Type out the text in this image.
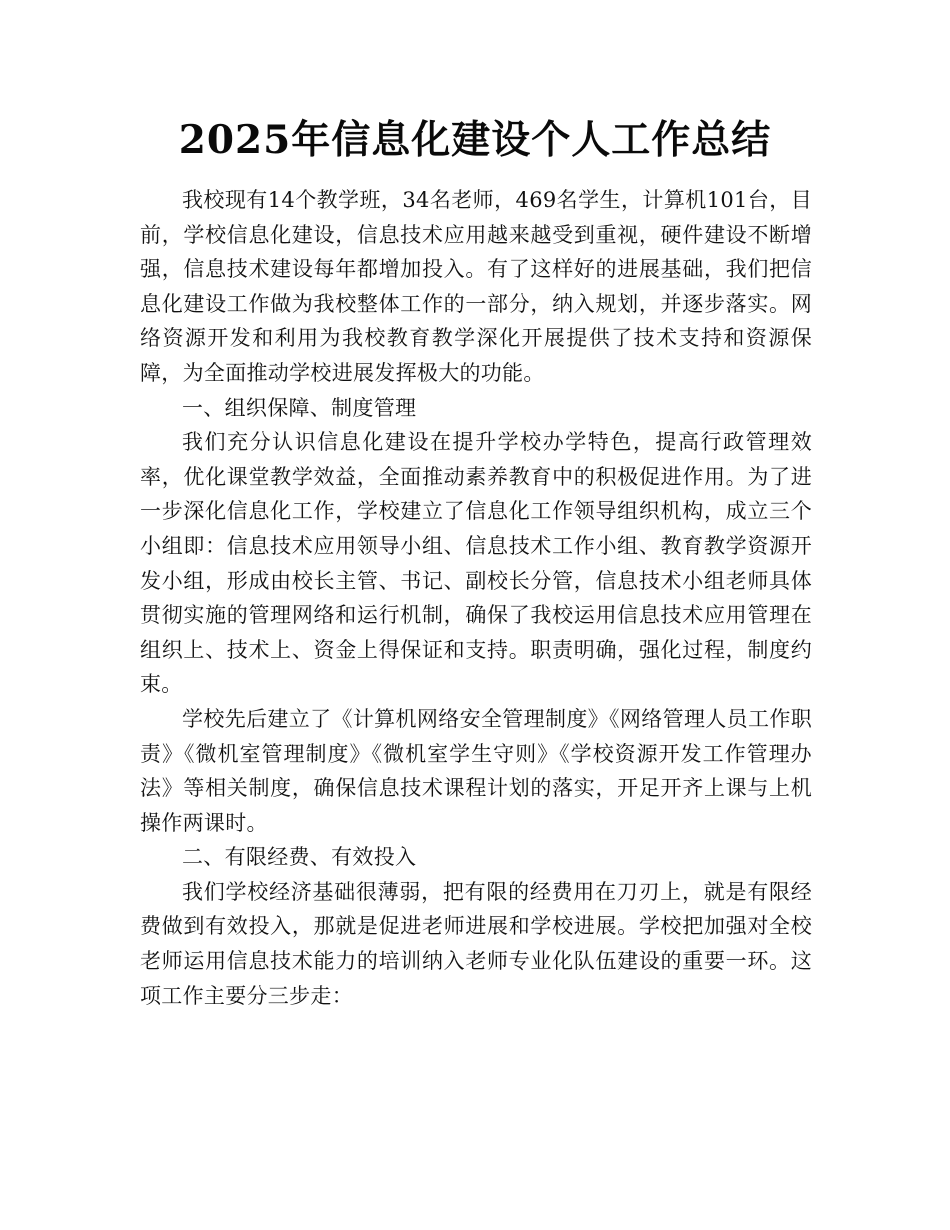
2025年信息化建设个人工作总结

我校现有14个教学班，34名老师，469名学生，计算机101台，目前，学校信息化建设，信息技术应用越来越受到重视，硬件建设不断增强，信息技术建设每年都增加投入。有了这样好的进展基础，我们把信息化建设工作做为我校整体工作的一部分，纳入规划，并逐步落实。网络资源开发和利用为我校教育教学深化开展提供了技术支持和资源保障，为全面推动学校进展发挥极大的功能。

一、组织保障、制度管理

我们充分认识信息化建设在提升学校办学特色，提高行政管理效率，优化课堂教学效益，全面推动素养教育中的积极促进作用。为了进一步深化信息化工作，学校建立了信息化工作领导组织机构，成立三个小组即：信息技术应用领导小组、信息技术工作小组、教育教学资源开发小组，形成由校长主管、书记、副校长分管，信息技术小组老师具体贯彻实施的管理网络和运行机制，确保了我校运用信息技术应用管理在组织上、技术上、资金上得保证和支持。职责明确，强化过程，制度约束。

学校先后建立了《计算机网络安全管理制度》《网络管理人员工作职责》《微机室管理制度》《微机室学生守则》《学校资源开发工作管理办法》等相关制度，确保信息技术课程计划的落实，开足开齐上课与上机操作两课时。

二、有限经费、有效投入

我们学校经济基础很薄弱，把有限的经费用在刀刃上，就是有限经费做到有效投入，那就是促进老师进展和学校进展。学校把加强对全校老师运用信息技术能力的培训纳入老师专业化队伍建设的重要一环。这项工作主要分三步走：
